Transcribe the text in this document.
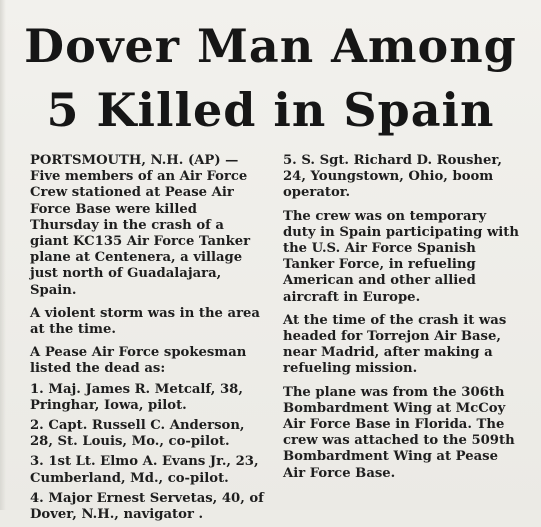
Dover Man Among
5 Killed in Spain

PORTSMOUTH, N.H. (AP) — Five members of an Air Force Crew stationed at Pease Air Force Base were killed Thursday in the crash of a giant KC135 Air Force Tanker plane at Centenera, a village just north of Guadalajara, Spain.

A violent storm was in the area at the time.

A Pease Air Force spokesman listed the dead as:

1. Maj. James R. Metcalf, 38, Pringhar, Iowa, pilot.

2. Capt. Russell C. Anderson, 28, St. Louis, Mo., co-pilot.

3. 1st Lt. Elmo A. Evans Jr., 23, Cumberland, Md., co-pilot.

4. Major Ernest Servetas, 40, of Dover, N.H., navigator .

5. S. Sgt. Richard D. Rousher, 24, Youngstown, Ohio, boom operator.

The crew was on temporary duty in Spain participating with the U.S. Air Force Spanish Tanker Force, in refueling American and other allied aircraft in Europe.

At the time of the crash it was headed for Torrejon Air Base, near Madrid, after making a refueling mission.

The plane was from the 306th Bombardment Wing at McCoy Air Force Base in Florida. The crew was attached to the 509th Bombardment Wing at Pease Air Force Base.
